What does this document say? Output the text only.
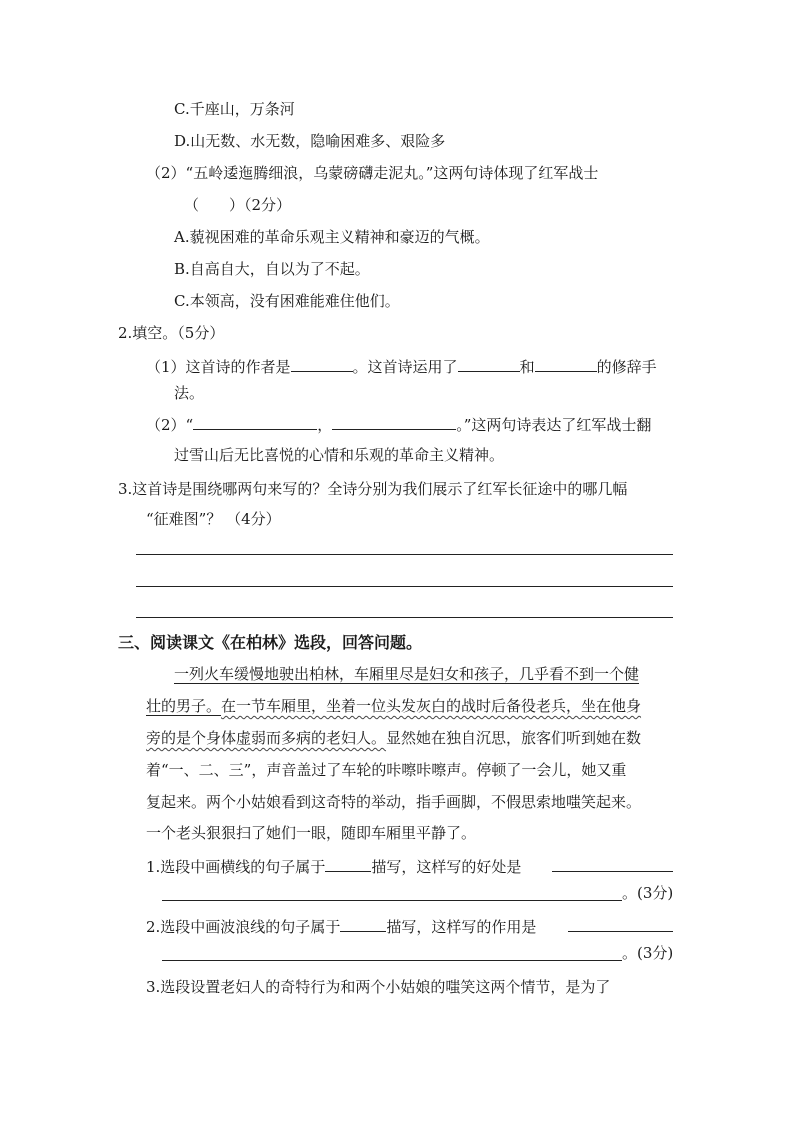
C.千座山，万条河
D.山无数、水无数，隐喻困难多、艰险多
（2）“五岭逶迤腾细浪，乌蒙磅礴走泥丸。”这两句诗体现了红军战士
（　　）（2分）
A.藐视困难的革命乐观主义精神和豪迈的气概。
B.自高自大，自以为了不起。
C.本领高，没有困难能难住他们。
2.填空。（5分）
（1）这首诗的作者是	。这首诗运用了	和	的修辞手
法。
（2）“	，	。”这两句诗表达了红军战士翻
过雪山后无比喜悦的心情和乐观的革命主义精神。
3.这首诗是围绕哪两句来写的？全诗分别为我们展示了红军长征途中的哪几幅
“征难图”？ （4分）
三、阅读课文《在柏林》选段，回答问题。
一列火车缓慢地驶出柏林，车厢里尽是妇女和孩子，几乎看不到一个健
壮的男子。在一节车厢里，坐着一位头发灰白的战时后备役老兵，坐在他身
旁的是个身体虚弱而多病的老妇人。显然她在独自沉思，旅客们听到她在数
着“一、二、三”，声音盖过了车轮的咔嚓咔嚓声。停顿了一会儿，她又重
复起来。两个小姑娘看到这奇特的举动，指手画脚，不假思索地嗤笑起来。
一个老头狠狠扫了她们一眼，随即车厢里平静了。
1.选段中画横线的句子属于	描写，这样写的好处是
。(3分)
2.选段中画波浪线的句子属于	描写，这样写的作用是
。(3分)
3.选段设置老妇人的奇特行为和两个小姑娘的嗤笑这两个情节，是为了
